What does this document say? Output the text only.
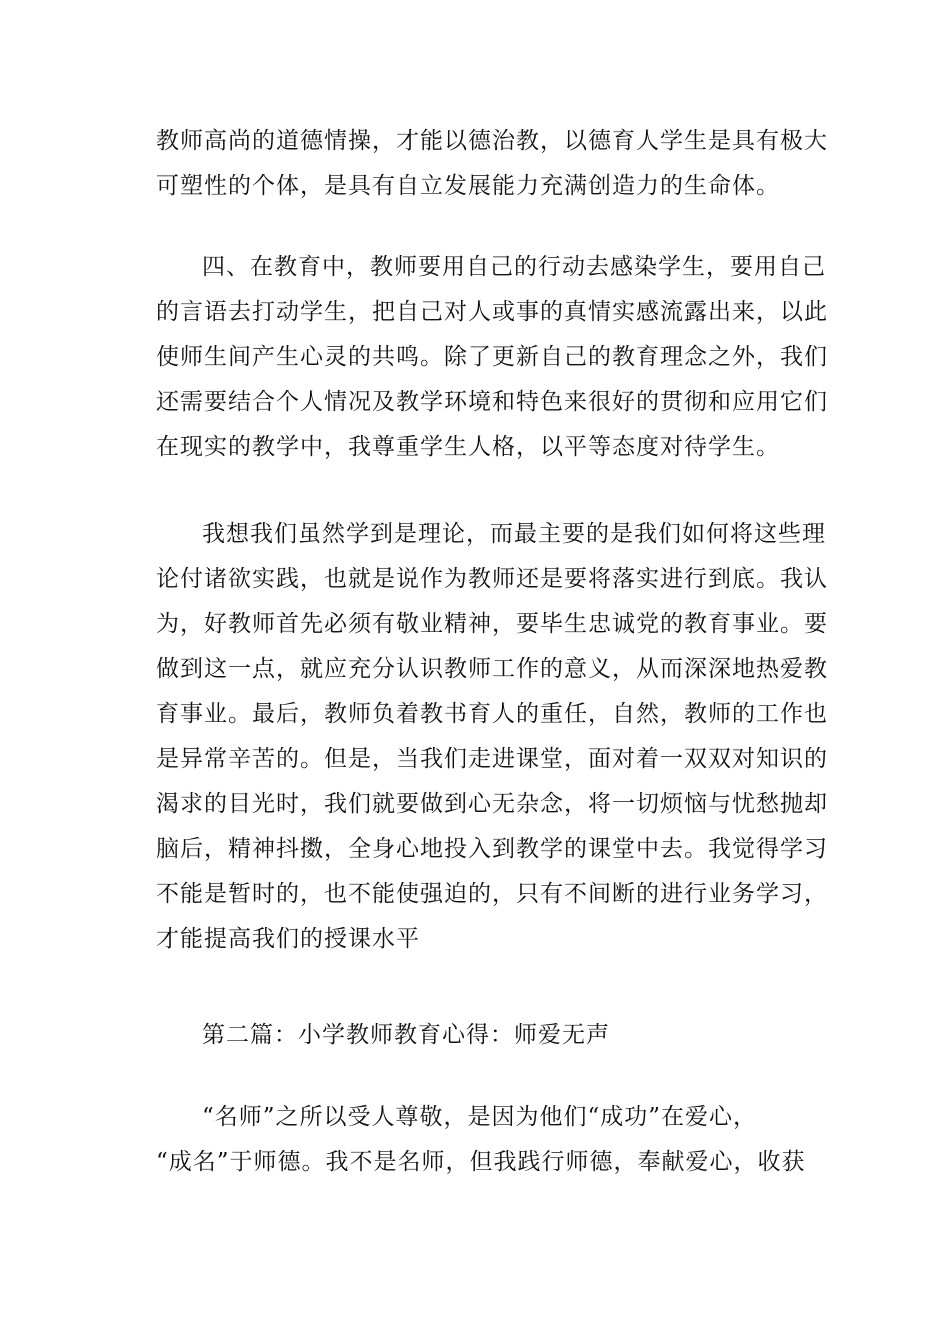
教师高尚的道德情操，才能以德治教，以德育人学生是具有极大
可塑性的个体，是具有自立发展能力充满创造力的生命体。
四、在教育中，教师要用自己的行动去感染学生，要用自己
的言语去打动学生，把自己对人或事的真情实感流露出来，以此
使师生间产生心灵的共鸣。除了更新自己的教育理念之外，我们
还需要结合个人情况及教学环境和特色来很好的贯彻和应用它们
在现实的教学中，我尊重学生人格，以平等态度对待学生。
我想我们虽然学到是理论，而最主要的是我们如何将这些理
论付诸欲实践，也就是说作为教师还是要将落实进行到底。我认
为，好教师首先必须有敬业精神，要毕生忠诚党的教育事业。要
做到这一点，就应充分认识教师工作的意义，从而深深地热爱教
育事业。最后，教师负着教书育人的重任，自然，教师的工作也
是异常辛苦的。但是，当我们走进课堂，面对着一双双对知识的
渴求的目光时，我们就要做到心无杂念，将一切烦恼与忧愁抛却
脑后，精神抖擞，全身心地投入到教学的课堂中去。我觉得学习
不能是暂时的，也不能使强迫的，只有不间断的进行业务学习，
才能提高我们的授课水平
第二篇：小学教师教育心得：师爱无声
“名师”之所以受人尊敬，是因为他们“成功”在爱心，
“成名”于师德。我不是名师，但我践行师德，奉献爱心，收获
